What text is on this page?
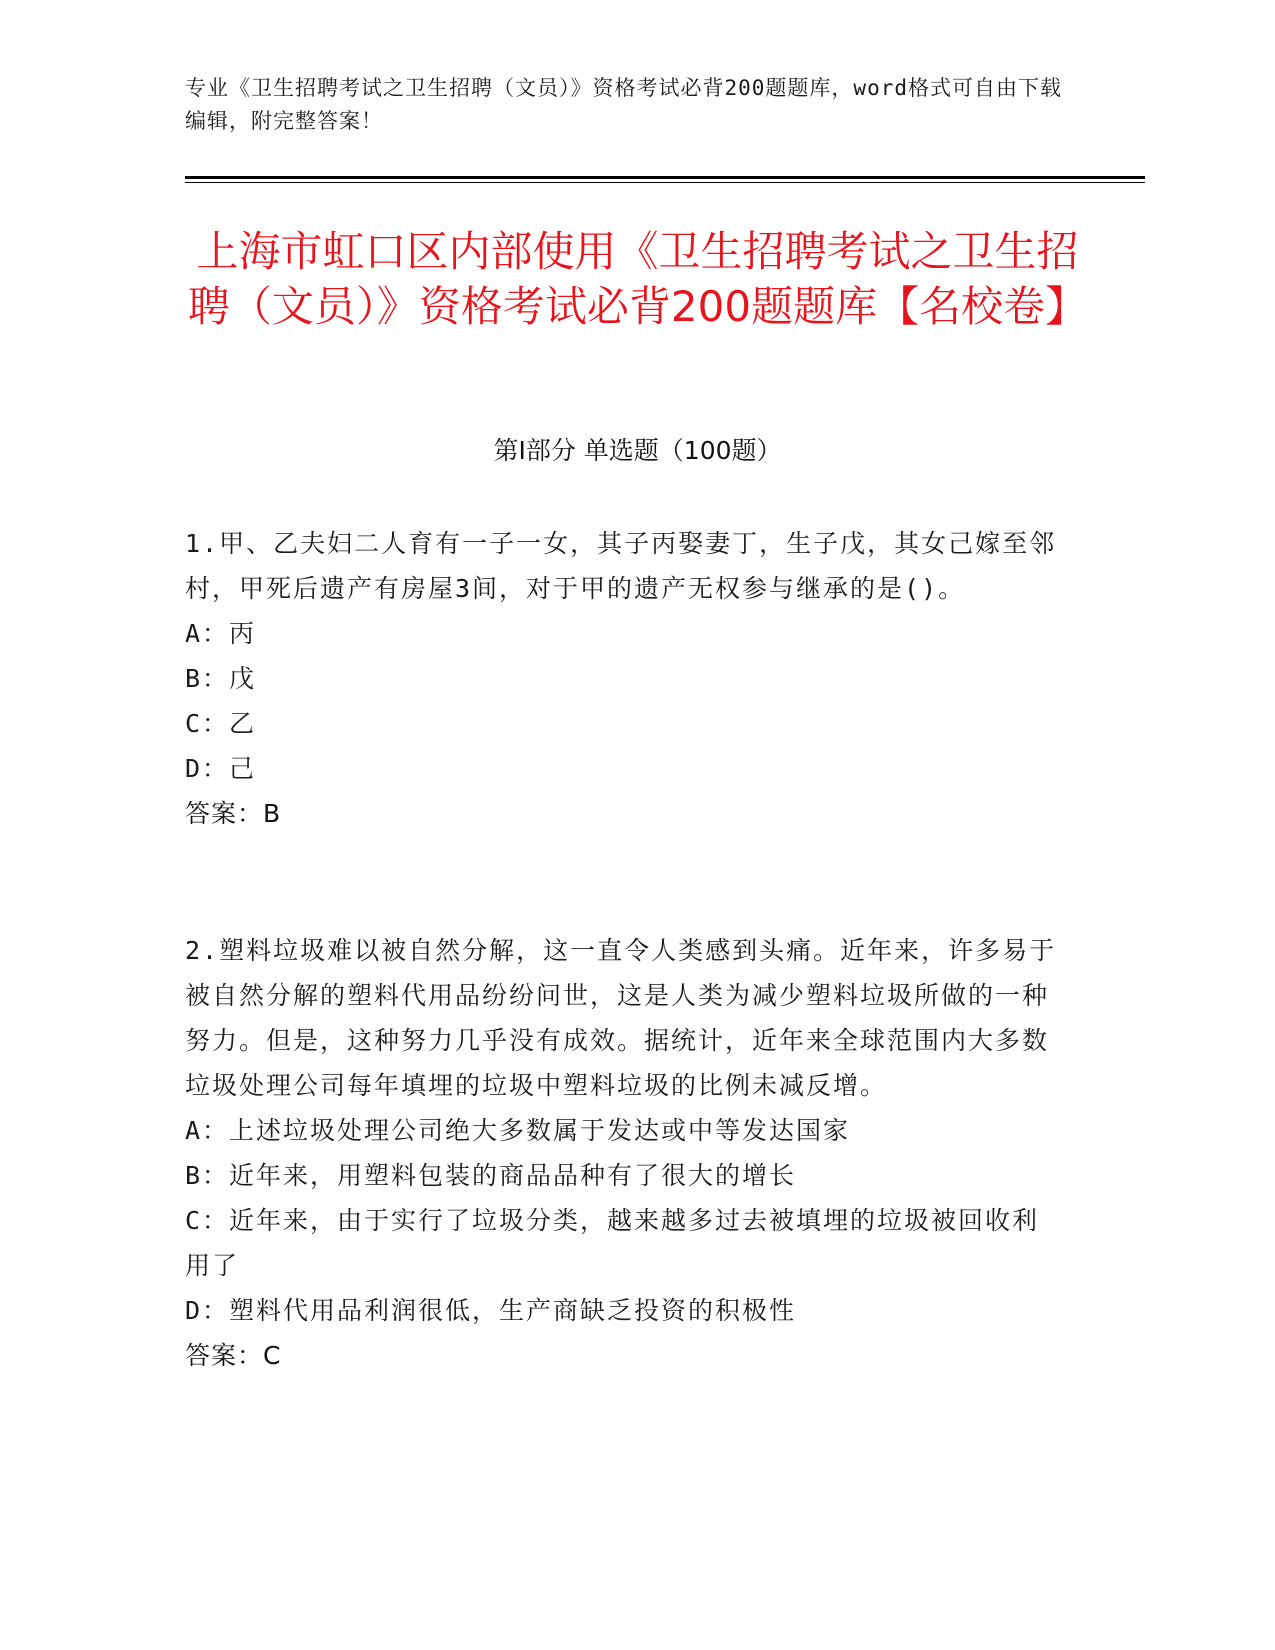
专业《卫生招聘考试之卫生招聘（文员）》资格考试必背200题题库，word格式可自由下载编辑，附完整答案！
上海市虹口区内部使用《卫生招聘考试之卫生招聘（文员）》资格考试必背200题题库【名校卷】
第I部分 单选题（100题）
1.甲、乙夫妇二人育有一子一女，其子丙娶妻丁，生子戊，其女己嫁至邻村，甲死后遗产有房屋3间，对于甲的遗产无权参与继承的是()。
A：丙
B：戊
C：乙
D：己
答案：B
2.塑料垃圾难以被自然分解，这一直令人类感到头痛。近年来，许多易于被自然分解的塑料代用品纷纷问世，这是人类为减少塑料垃圾所做的一种努力。但是，这种努力几乎没有成效。据统计，近年来全球范围内大多数垃圾处理公司每年填埋的垃圾中塑料垃圾的比例未减反增。
A：上述垃圾处理公司绝大多数属于发达或中等发达国家
B：近年来，用塑料包装的商品品种有了很大的增长
C：近年来，由于实行了垃圾分类，越来越多过去被填埋的垃圾被回收利用了
D：塑料代用品利润很低，生产商缺乏投资的积极性
答案：C
